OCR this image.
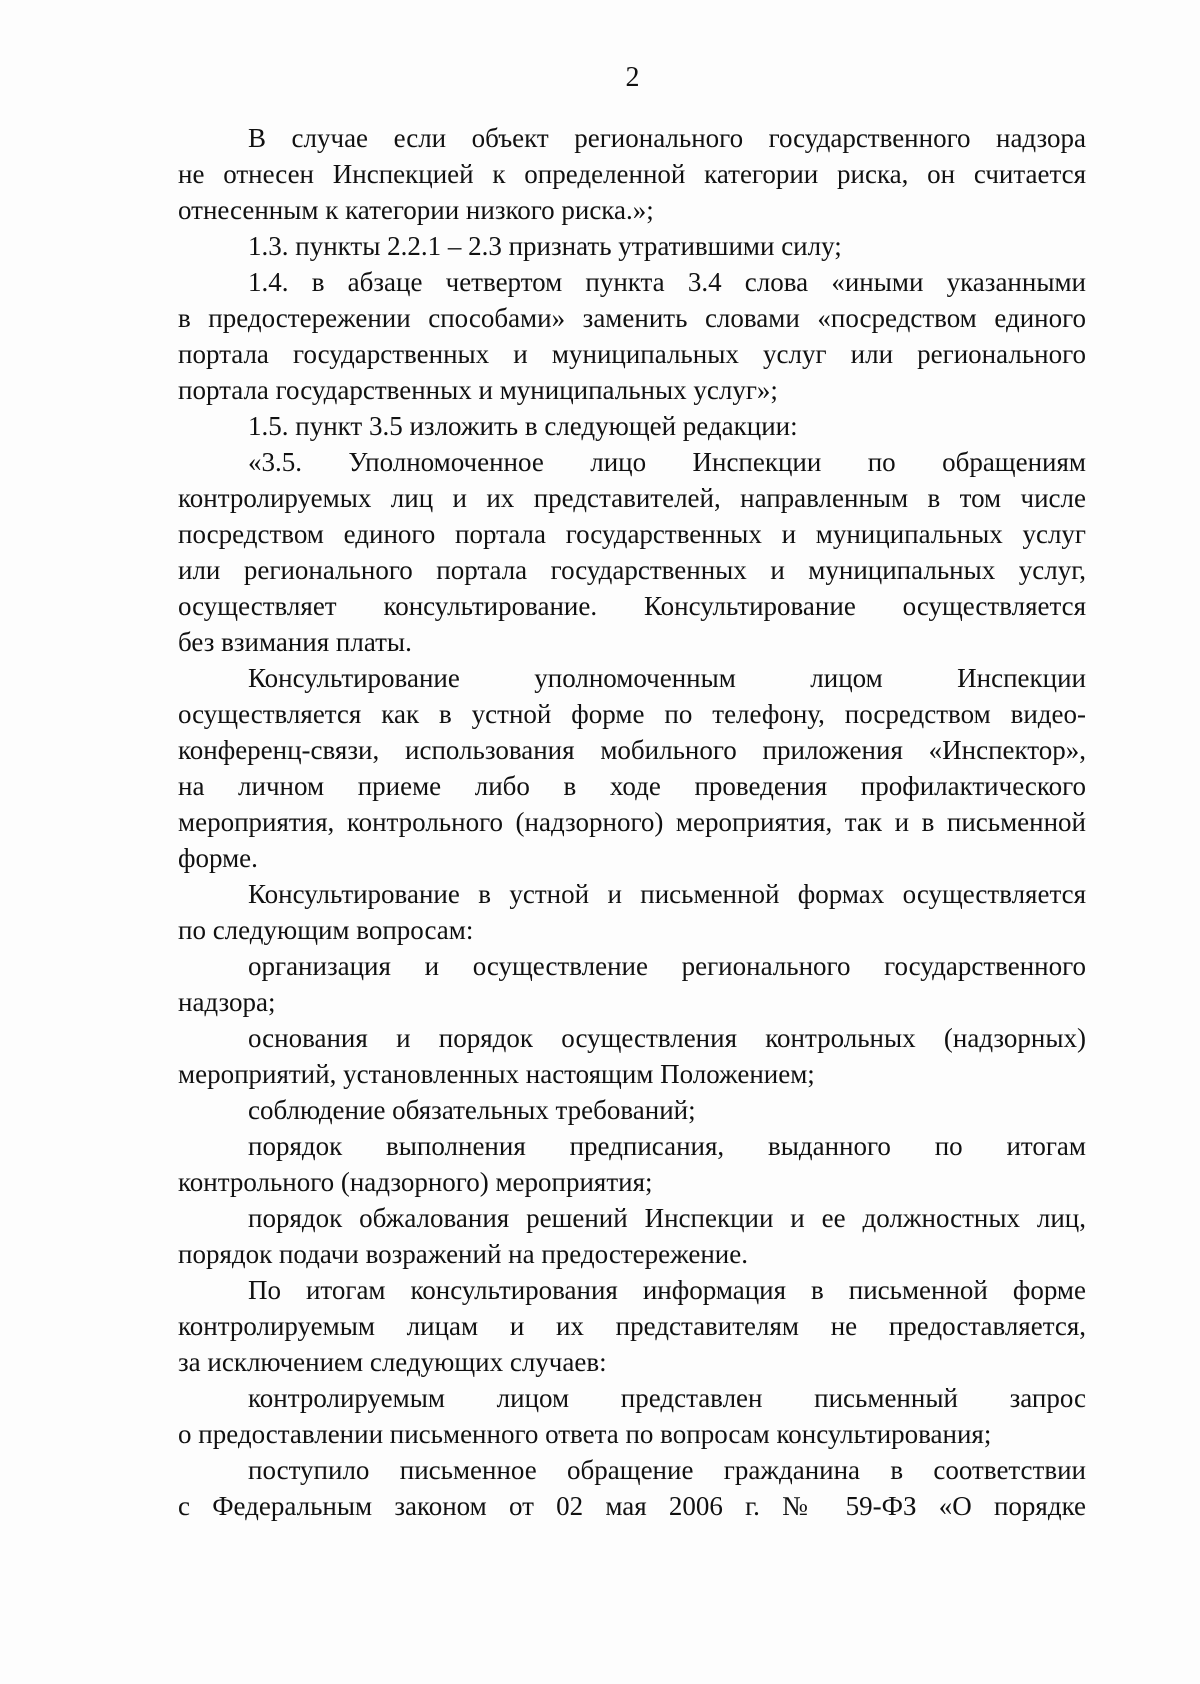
2
В случае если объект регионального государственного надзора
не отнесен Инспекцией к определенной категории риска, он считается
отнесенным к категории низкого риска.»;
1.3. пункты 2.2.1 – 2.3 признать утратившими силу;
1.4. в абзаце четвертом пункта 3.4 слова «иными указанными
в предостережении способами» заменить словами «посредством единого
портала государственных и муниципальных услуг или регионального
портала государственных и муниципальных услуг»;
1.5. пункт 3.5 изложить в следующей редакции:
«3.5. Уполномоченное лицо Инспекции по обращениям
контролируемых лиц и их представителей, направленным в том числе
посредством единого портала государственных и муниципальных услуг
или регионального портала государственных и муниципальных услуг,
осуществляет консультирование. Консультирование осуществляется
без взимания платы.
Консультирование уполномоченным лицом Инспекции
осуществляется как в устной форме по телефону, посредством видео-
конференц-связи, использования мобильного приложения «Инспектор»,
на личном приеме либо в ходе проведения профилактического
мероприятия, контрольного (надзорного) мероприятия, так и в письменной
форме.
Консультирование в устной и письменной формах осуществляется
по следующим вопросам:
организация и осуществление регионального государственного
надзора;
основания и порядок осуществления контрольных (надзорных)
мероприятий, установленных настоящим Положением;
соблюдение обязательных требований;
порядок выполнения предписания, выданного по итогам
контрольного (надзорного) мероприятия;
порядок обжалования решений Инспекции и ее должностных лиц,
порядок подачи возражений на предостережение.
По итогам консультирования информация в письменной форме
контролируемым лицам и их представителям не предоставляется,
за исключением следующих случаев:
контролируемым лицом представлен письменный запрос
о предоставлении письменного ответа по вопросам консультирования;
поступило письменное обращение гражданина в соответствии
с Федеральным законом от 02 мая 2006 г. № 59-ФЗ «О порядке
